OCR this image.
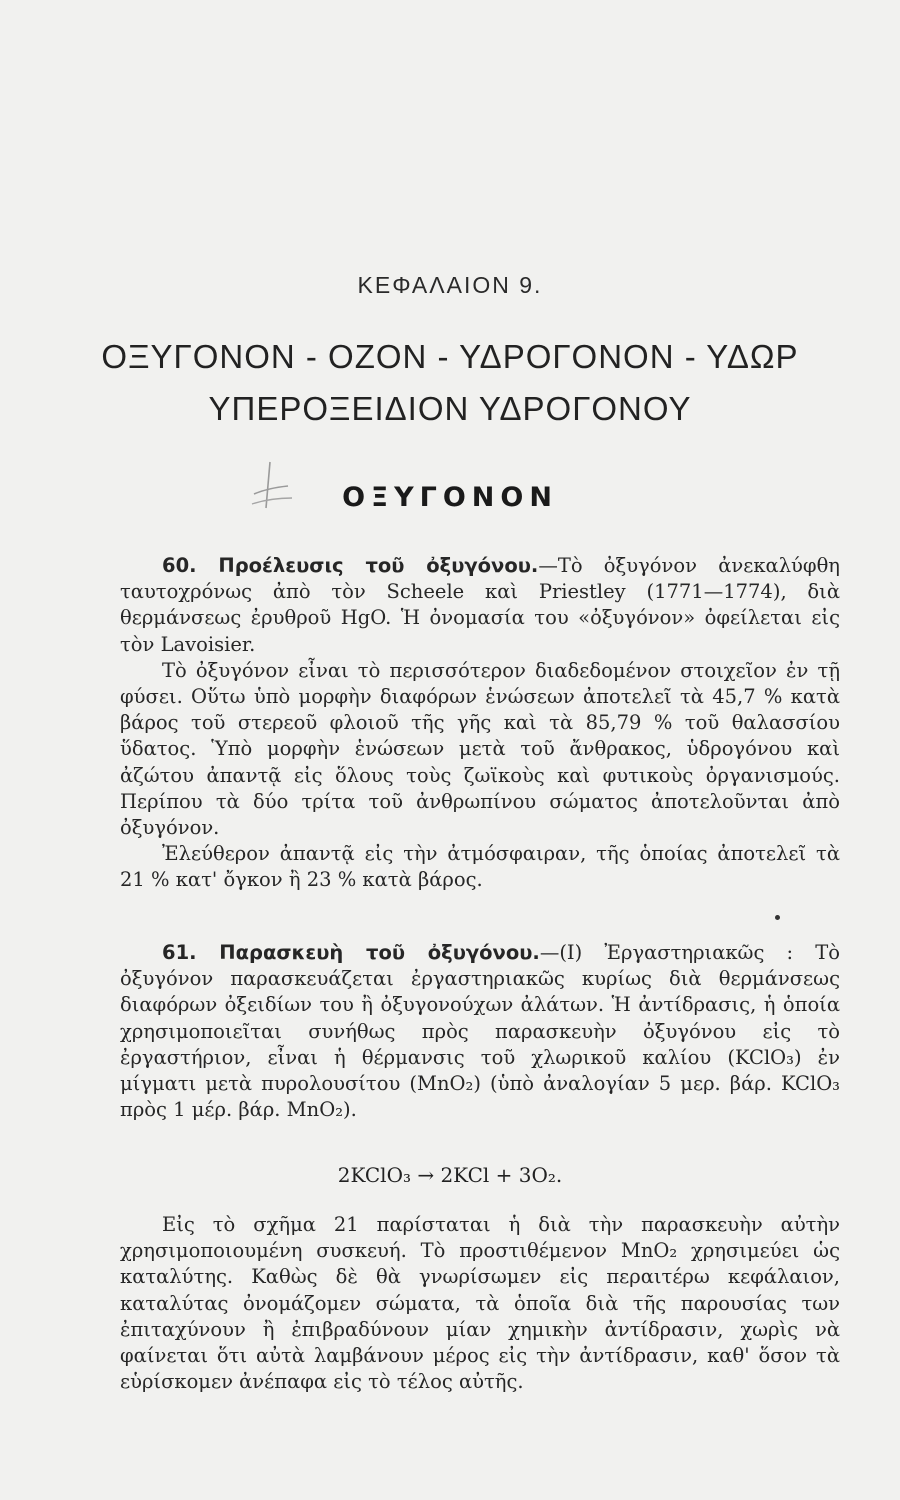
ΚΕΦΑΛΑΙΟΝ 9.
ΟΞΥΓΟΝΟΝ - ΟΖΟΝ - ΥΔΡΟΓΟΝΟΝ - ΥΔΩΡ
ΥΠΕΡΟΞΕΙΔΙΟΝ ΥΔΡΟΓΟΝΟΥ
ΟΞΥΓΟΝΟΝ

60. Προέλευσις τοῦ ὀξυγόνου.—Τὸ ὀξυγόνον ἀνεκαλύφθη ταυτοχρόνως ἀπὸ τὸν Scheele καὶ Priestley (1771—1774), διὰ θερμάνσεως ἐρυθροῦ HgO. Ἡ ὀνομασία του «ὀξυγόνον» ὀφείλεται εἰς τὸν Lavoisier.

Τὸ ὀξυγόνον εἶναι τὸ περισσότερον διαδεδομένον στοιχεῖον ἐν τῇ φύσει. Οὕτω ὑπὸ μορφὴν διαφόρων ἑνώσεων ἀποτελεῖ τὰ 45,7 % κατὰ βάρος τοῦ στερεοῦ φλοιοῦ τῆς γῆς καὶ τὰ 85,79 % τοῦ θαλασσίου ὕδατος. Ὑπὸ μορφὴν ἑνώσεων μετὰ τοῦ ἄνθρακος, ὑδρογόνου καὶ ἀζώτου ἀπαντᾷ εἰς ὅλους τοὺς ζωϊκοὺς καὶ φυτικοὺς ὀργανισμούς. Περίπου τὰ δύο τρίτα τοῦ ἀνθρωπίνου σώματος ἀποτελοῦνται ἀπὸ ὀξυγόνον.

Ἐλεύθερον ἀπαντᾷ εἰς τὴν ἀτμόσφαιραν, τῆς ὁποίας ἀποτελεῖ τὰ 21 % κατ' ὄγκον ἢ 23 % κατὰ βάρος.

61. Παρασκευὴ τοῦ ὀξυγόνου.—(I) Ἐργαστηριακῶς : Τὸ ὀξυγόνον παρασκευάζεται ἐργαστηριακῶς κυρίως διὰ θερμάνσεως διαφόρων ὀξειδίων του ἢ ὀξυγονούχων ἀλάτων. Ἡ ἀντίδρασις, ἡ ὁποία χρησιμοποιεῖται συνήθως πρὸς παρασκευὴν ὀξυγόνου εἰς τὸ ἐργαστήριον, εἶναι ἡ θέρμανσις τοῦ χλωρικοῦ καλίου (KClO₃) ἐν μίγματι μετὰ πυρολουσίτου (MnO₂) (ὑπὸ ἀναλογίαν 5 μερ. βάρ. KClO₃ πρὸς 1 μέρ. βάρ. MnO₂).

2KClO₃ → 2KCl + 3O₂.

Εἰς τὸ σχῆμα 21 παρίσταται ἡ διὰ τὴν παρασκευὴν αὐτὴν χρησιμοποιουμένη συσκευή. Τὸ προστιθέμενον MnO₂ χρησιμεύει ὡς καταλύτης. Καθὼς δὲ θὰ γνωρίσωμεν εἰς περαιτέρω κεφάλαιον, καταλύτας ὀνομάζομεν σώματα, τὰ ὁποῖα διὰ τῆς παρουσίας των ἐπιταχύνουν ἢ ἐπιβραδύνουν μίαν χημικὴν ἀντίδρασιν, χωρὶς νὰ φαίνεται ὅτι αὐτὰ λαμβάνουν μέρος εἰς τὴν ἀντίδρασιν, καθ' ὅσον τὰ εὑρίσκομεν ἀνέπαφα εἰς τὸ τέλος αὐτῆς.
